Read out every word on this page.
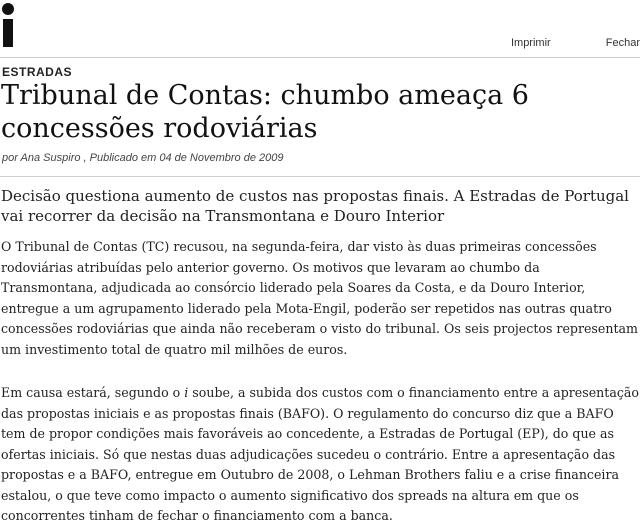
Imprimir	Fechar
ESTRADAS
Tribunal de Contas: chumbo ameaça 6 concessões rodoviárias
por Ana Suspiro , Publicado em 04 de Novembro de 2009
Decisão questiona aumento de custos nas propostas finais. A Estradas de Portugal vai recorrer da decisão na Transmontana e Douro Interior
O Tribunal de Contas (TC) recusou, na segunda-feira, dar visto às duas primeiras concessões rodoviárias atribuídas pelo anterior governo. Os motivos que levaram ao chumbo da Transmontana, adjudicada ao consórcio liderado pela Soares da Costa, e da Douro Interior, entregue a um agrupamento liderado pela Mota-Engil, poderão ser repetidos nas outras quatro concessões rodoviárias que ainda não receberam o visto do tribunal. Os seis projectos representam um investimento total de quatro mil milhões de euros.
Em causa estará, segundo o i soube, a subida dos custos com o financiamento entre a apresentação das propostas iniciais e as propostas finais (BAFO). O regulamento do concurso diz que a BAFO tem de propor condições mais favoráveis ao concedente, a Estradas de Portugal (EP), do que as ofertas iniciais. Só que nestas duas adjudicações sucedeu o contrário. Entre a apresentação das propostas e a BAFO, entregue em Outubro de 2008, o Lehman Brothers faliu e a crise financeira estalou, o que teve como impacto o aumento significativo dos spreads na altura em que os concorrentes tinham de fechar o financiamento com a banca.
